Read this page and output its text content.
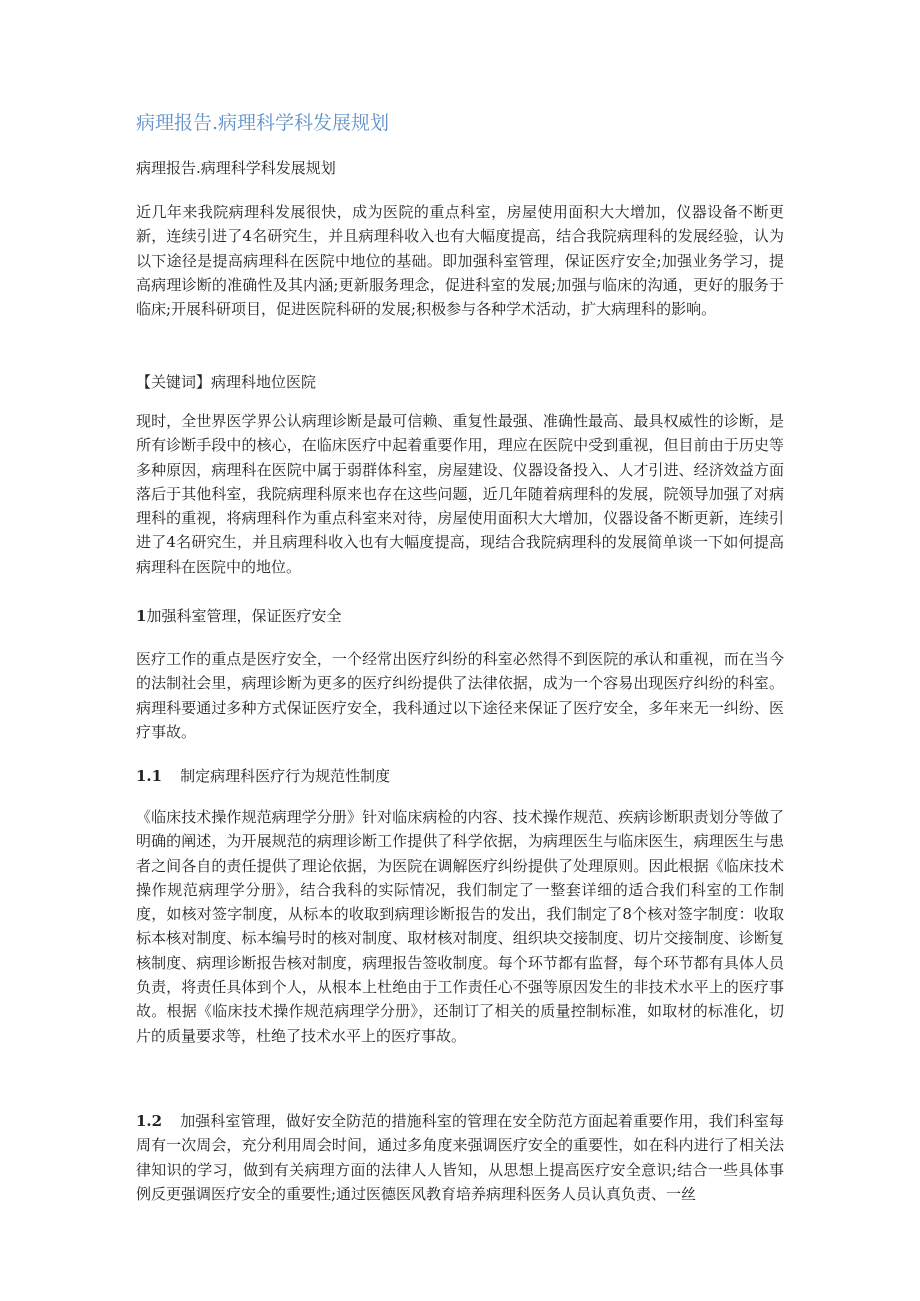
病理报告.病理科学科发展规划
病理报告.病理科学科发展规划

近几年来我院病理科发展很快，成为医院的重点科室，房屋使用面积大大增加，仪器设备不断更新，连续引进了4名研究生，并且病理科收入也有大幅度提高，结合我院病理科的发展经验，认为以下途径是提高病理科在医院中地位的基础。即加强科室管理，保证医疗安全;加强业务学习，提高病理诊断的准确性及其内涵;更新服务理念，促进科室的发展;加强与临床的沟通，更好的服务于临床;开展科研项目，促进医院科研的发展;积极参与各种学术活动，扩大病理科的影响。

【关键词】病理科地位医院

现时，全世界医学界公认病理诊断是最可信赖、重复性最强、准确性最高、最具权威性的诊断，是所有诊断手段中的核心，在临床医疗中起着重要作用，理应在医院中受到重视，但目前由于历史等多种原因，病理科在医院中属于弱群体科室，房屋建设、仪器设备投入、人才引进、经济效益方面落后于其他科室，我院病理科原来也存在这些问题，近几年随着病理科的发展，院领导加强了对病理科的重视，将病理科作为重点科室来对待，房屋使用面积大大增加，仪器设备不断更新，连续引进了4名研究生，并且病理科收入也有大幅度提高，现结合我院病理科的发展简单谈一下如何提高病理科在医院中的地位。

1加强科室管理，保证医疗安全

医疗工作的重点是医疗安全，一个经常出医疗纠纷的科室必然得不到医院的承认和重视，而在当今的法制社会里，病理诊断为更多的医疗纠纷提供了法律依据，成为一个容易出现医疗纠纷的科室。病理科要通过多种方式保证医疗安全，我科通过以下途径来保证了医疗安全，多年来无一纠纷、医疗事故。

1.1 制定病理科医疗行为规范性制度

《临床技术操作规范病理学分册》针对临床病检的内容、技术操作规范、疾病诊断职责划分等做了明确的阐述，为开展规范的病理诊断工作提供了科学依据，为病理医生与临床医生，病理医生与患者之间各自的责任提供了理论依据，为医院在调解医疗纠纷提供了处理原则。因此根据《临床技术操作规范病理学分册》，结合我科的实际情况，我们制定了一整套详细的适合我们科室的工作制度，如核对签字制度，从标本的收取到病理诊断报告的发出，我们制定了8个核对签字制度：收取标本核对制度、标本编号时的核对制度、取材核对制度、组织块交接制度、切片交接制度、诊断复核制度、病理诊断报告核对制度，病理报告签收制度。每个环节都有监督，每个环节都有具体人员负责，将责任具体到个人，从根本上杜绝由于工作责任心不强等原因发生的非技术水平上的医疗事故。根据《临床技术操作规范病理学分册》，还制订了相关的质量控制标准，如取材的标准化，切片的质量要求等，杜绝了技术水平上的医疗事故。

1.2 加强科室管理，做好安全防范的措施科室的管理在安全防范方面起着重要作用，我们科室每周有一次周会，充分利用周会时间，通过多角度来强调医疗安全的重要性，如在科内进行了相关法律知识的学习，做到有关病理方面的法律人人皆知，从思想上提高医疗安全意识;结合一些具体事例反更强调医疗安全的重要性;通过医德医风教育培养病理科医务人员认真负责、一丝
